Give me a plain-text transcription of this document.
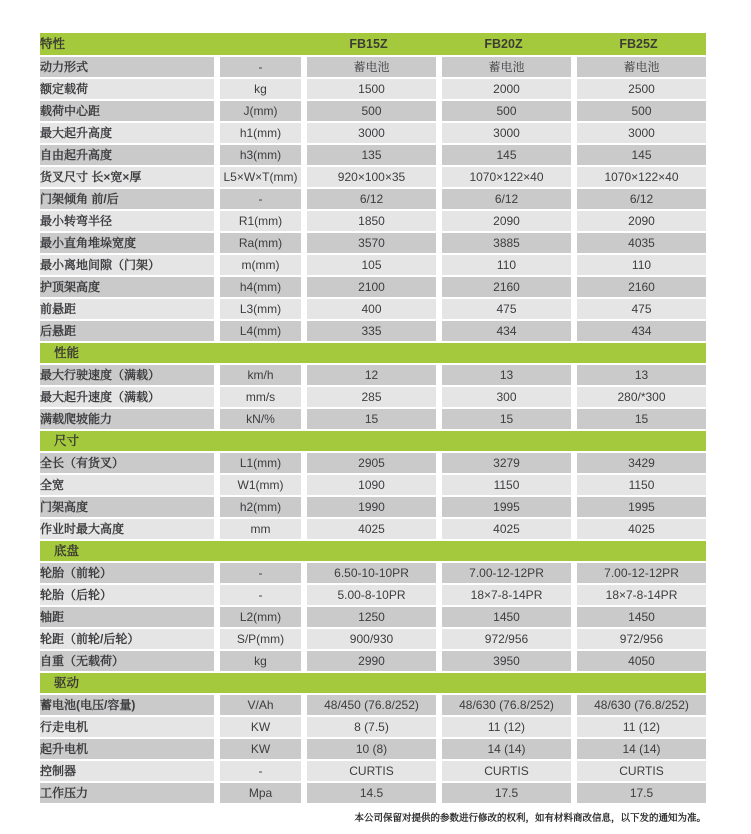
特性		FB15Z	FB20Z	FB25Z
动力形式	-	蓄电池	蓄电池	蓄电池
额定载荷	kg	1500	2000	2500
载荷中心距	J(mm)	500	500	500
最大起升高度	h1(mm)	3000	3000	3000
自由起升高度	h3(mm)	135	145	145
货叉尺寸 长×宽×厚	L5×W×T(mm)	920×100×35	1070×122×40	1070×122×40
门架倾角 前/后	-	6/12	6/12	6/12
最小转弯半径	R1(mm)	1850	2090	2090
最小直角堆垛宽度	Ra(mm)	3570	3885	4035
最小离地间隙（门架）	m(mm)	105	110	110
护顶架高度	h4(mm)	2100	2160	2160
前悬距	L3(mm)	400	475	475
后悬距	L4(mm)	335	434	434
性能				
最大行驶速度（满载）	km/h	12	13	13
最大起升速度（满载）	mm/s	285	300	280/*300
满载爬坡能力	kN/%	15	15	15
尺寸				
全长（有货叉）	L1(mm)	2905	3279	3429
全宽	W1(mm)	1090	1150	1150
门架高度	h2(mm)	1990	1995	1995
作业时最大高度	mm	4025	4025	4025
底盘				
轮胎（前轮）	-	6.50-10-10PR	7.00-12-12PR	7.00-12-12PR
轮胎（后轮）	-	5.00-8-10PR	18×7-8-14PR	18×7-8-14PR
轴距	L2(mm)	1250	1450	1450
轮距（前轮/后轮）	S/P(mm)	900/930	972/956	972/956
自重（无载荷）	kg	2990	3950	4050
驱动				
蓄电池(电压/容量)	V/Ah	48/450 (76.8/252)	48/630 (76.8/252)	48/630 (76.8/252)
行走电机	KW	8 (7.5)	11 (12)	11 (12)
起升电机	KW	10 (8)	14 (14)	14 (14)
控制器	-	CURTIS	CURTIS	CURTIS
工作压力	Mpa	14.5	17.5	17.5
本公司保留对提供的参数进行修改的权利，如有材料商改信息，以下发的通知为准。
